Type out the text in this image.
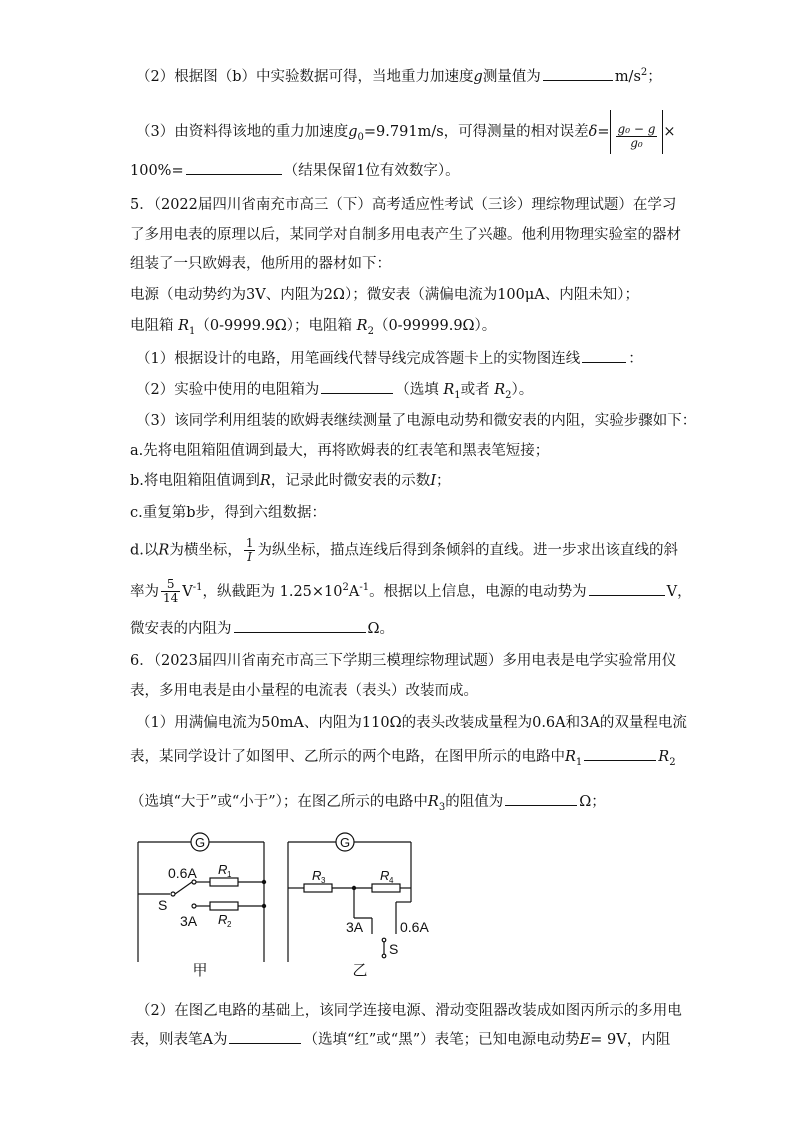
（2）根据图（b）中实验数据可得，当地重力加速度g测量值为	$m/s^2$；
（3）由资料得该地的重力加速度$g_0=9.791m/s$，可得测量的相对误差$\delta= \frac{\text{g₀ − g}}{\text{g₀}}$ ×
100%=	（结果保留1位有效数字）。
5．（2022届四川省南充市高三（下）高考适应性考试（三诊）理综物理试题）在学习
了多用电表的原理以后，某同学对自制多用电表产生了兴趣。他利用物理实验室的器材
组装了一只欧姆表，他所用的器材如下：
电源（电动势约为3V、内阻为2Ω）；微安表（满偏电流为100μA、内阻未知）；
电阻箱 $R_1(0-9999.9\Omega)$；电阻箱 $R_2(0-99999.9\Omega)$。
（1）根据设计的电路，用笔画线代替导线完成答题卡上的实物图连线	：
（2）实验中使用的电阻箱为	（选填 $R_1$或者 $R_2$）。
（3）该同学利用组装的欧姆表继续测量了电源电动势和微安表的内阻，实验步骤如下：
a.先将电阻箱阻值调到最大，再将欧姆表的红表笔和黑表笔短接；
b.将电阻箱阻值调到R，记录此时微安表的示数I；
c.重复第b步，得到六组数据：
d.以R为横坐标， $\frac{1}{I}$ 为纵坐标，描点连线后得到条倾斜的直线。进一步求出该直线的斜
率为 $\frac{5}{14} V^{-1}$，纵截距为 $1.25\times 10^2A^{-1}$。根据以上信息，电源的电动势为	V，
微安表的内阻为	Ω。
6．（2023届四川省南充市高三下学期三模理综物理试题）多用电表是电学实验常用仪
表，多用电表是由小量程的电流表（表头）改装而成。
（1）用满偏电流为50mA、内阻为110Ω的表头改装成量程为0.6A和3A的双量程电流
表，某同学设计了如图甲、乙所示的两个电路，在图甲所示的电路中$R_1$	$R_2$
（选填“大于”或“小于”）；在图乙所示的电路中$R_3$的阻值为	Ω；
G
0.6A R 1
S
3A R 2
甲
G
R 3	R 4
3A	0.6A
S
乙
（2）在图乙电路的基础上，该同学连接电源、滑动变阻器改装成如图丙所示的多用电
表，则表笔A为	（选填“红”或“黑”）表笔；已知电源电动势E= 9V，内阻
